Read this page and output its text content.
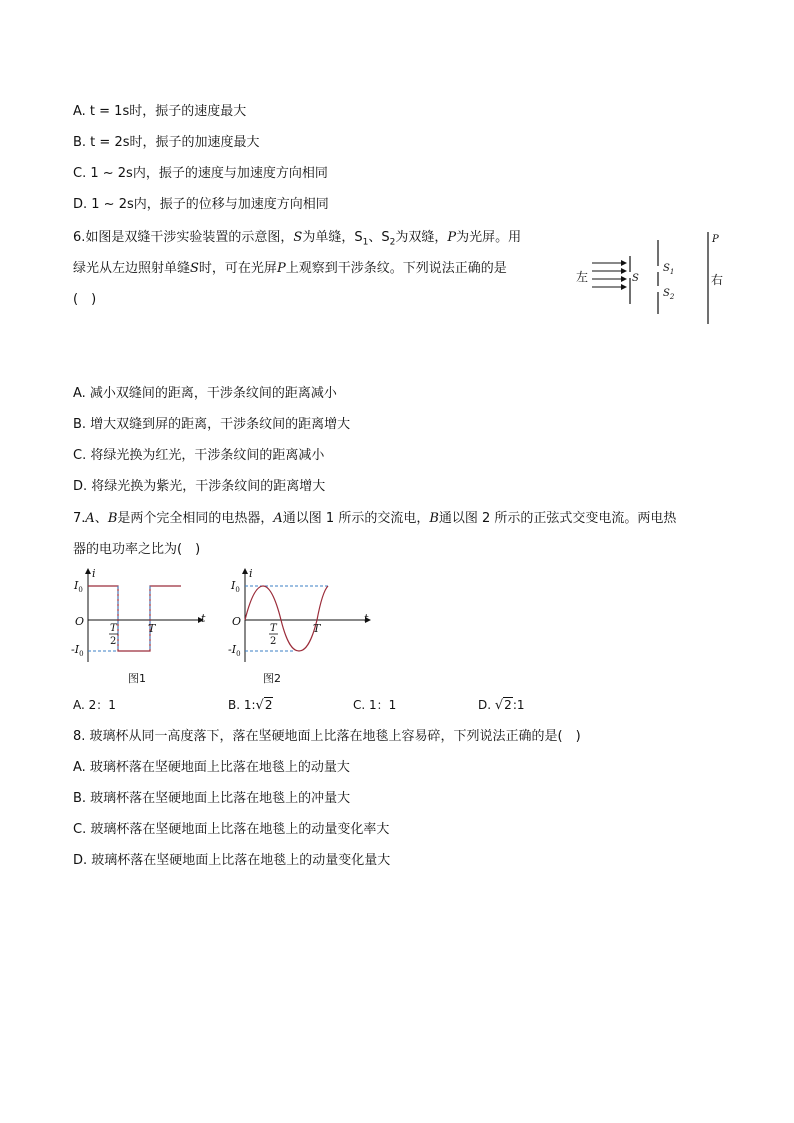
A. t = 1s时，振子的速度最大
B. t = 2s时，振子的加速度最大
C. 1 ~ 2s内，振子的速度与加速度方向相同
D. 1 ~ 2s内，振子的位移与加速度方向相同
6.如图是双缝干涉实验装置的示意图，S为单缝，$S_1$、$S_2$为双缝，P为光屏。用
绿光从左边照射单缝S时，可在光屏P上观察到干涉条纹。下列说法正确的是
(　)
左	S
$S_1$
$S_2$
P
右
A. 减小双缝间的距离，干涉条纹间的距离减小
B. 增大双缝到屏的距离，干涉条纹间的距离增大
C. 将绿光换为红光，干涉条纹间的距离减小
D. 将绿光换为紫光，干涉条纹间的距离增大
7.A、B是两个完全相同的电热器，A通以图 1 所示的交流电，B通以图 2 所示的正弦式交变电流。两电热
器的电功率之比为(　)
i
t
$I_0$
O
$-I_0$
T
2
T
图1
i
t
$I_0$
O
$-I_0$
T
2
T
图2
A. 2：1	B. 1:√2	C. 1：1	D. √2:1
8. 玻璃杯从同一高度落下，落在坚硬地面上比落在地毯上容易碎，下列说法正确的是(　)
A. 玻璃杯落在坚硬地面上比落在地毯上的动量大
B. 玻璃杯落在坚硬地面上比落在地毯上的冲量大
C. 玻璃杯落在坚硬地面上比落在地毯上的动量变化率大
D. 玻璃杯落在坚硬地面上比落在地毯上的动量变化量大
